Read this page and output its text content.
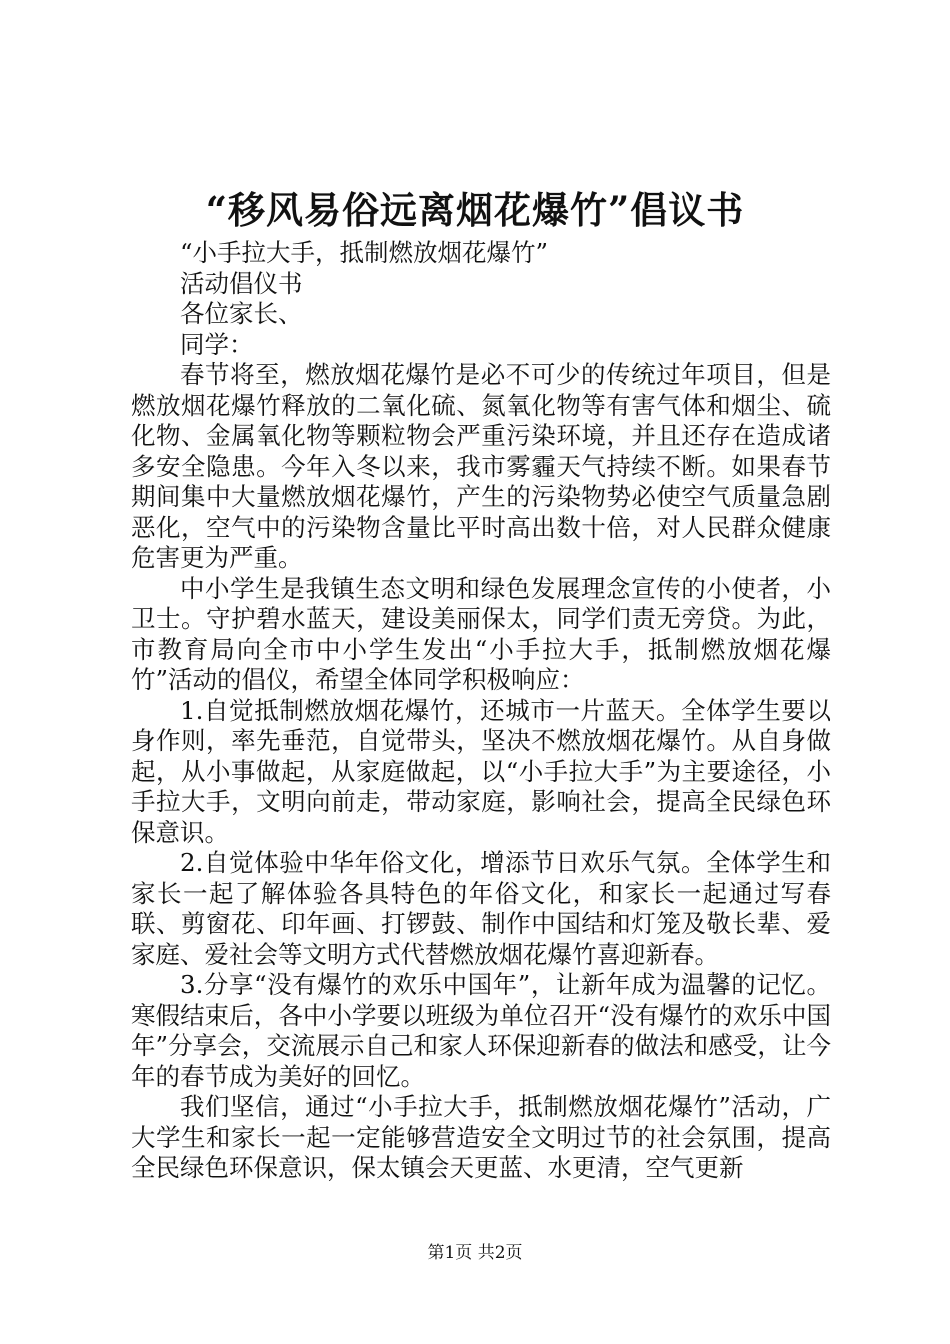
“移风易俗远离烟花爆竹”倡议书

“小手拉大手，抵制燃放烟花爆竹”

活动倡仪书

各位家长、

同学：

春节将至，燃放烟花爆竹是必不可少的传统过年项目，但是燃放烟花爆竹释放的二氧化硫、氮氧化物等有害气体和烟尘、硫化物、金属氧化物等颗粒物会严重污染环境，并且还存在造成诸多安全隐患。今年入冬以来，我市雾霾天气持续不断。如果春节期间集中大量燃放烟花爆竹，产生的污染物势必使空气质量急剧恶化，空气中的污染物含量比平时高出数十倍，对人民群众健康危害更为严重。

中小学生是我镇生态文明和绿色发展理念宣传的小使者，小卫士。守护碧水蓝天，建设美丽保太，同学们责无旁贷。为此，市教育局向全市中小学生发出“小手拉大手，抵制燃放烟花爆竹”活动的倡仪，希望全体同学积极响应：

1.自觉抵制燃放烟花爆竹，还城市一片蓝天。全体学生要以身作则，率先垂范，自觉带头，坚决不燃放烟花爆竹。从自身做起，从小事做起，从家庭做起，以“小手拉大手”为主要途径，小手拉大手，文明向前走，带动家庭，影响社会，提高全民绿色环保意识。

2.自觉体验中华年俗文化，增添节日欢乐气氛。全体学生和家长一起了解体验各具特色的年俗文化，和家长一起通过写春联、剪窗花、印年画、打锣鼓、制作中国结和灯笼及敬长辈、爱家庭、爱社会等文明方式代替燃放烟花爆竹喜迎新春。

3.分享“没有爆竹的欢乐中国年”，让新年成为温馨的记忆。寒假结束后，各中小学要以班级为单位召开“没有爆竹的欢乐中国年”分享会，交流展示自己和家人环保迎新春的做法和感受，让今年的春节成为美好的回忆。

我们坚信，通过“小手拉大手，抵制燃放烟花爆竹”活动，广大学生和家长一起一定能够营造安全文明过节的社会氛围，提高全民绿色环保意识，保太镇会天更蓝、水更清，空气更新

第1页 共2页
